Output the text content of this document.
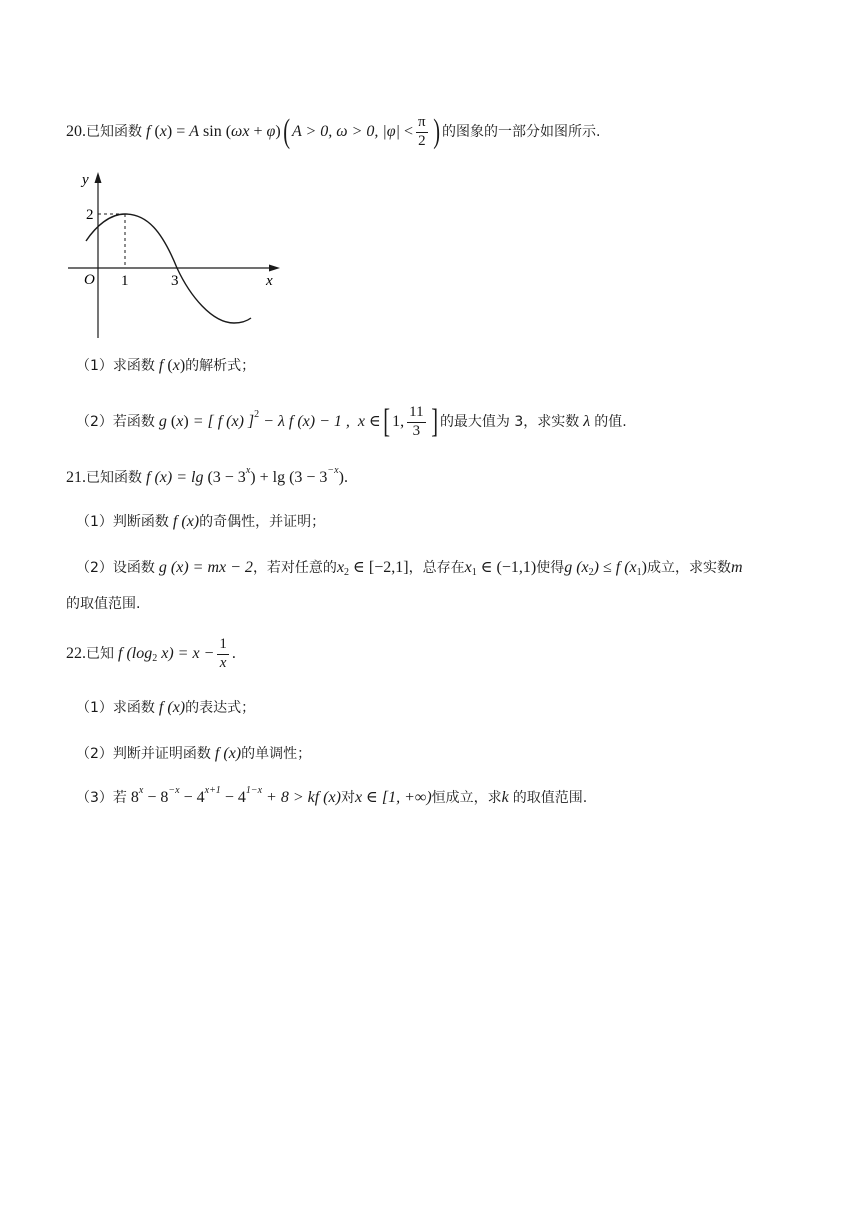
20. 已知函数 f ( x ) =
A
sin ( ωx
+
φ ) ( A > 0, ω > 0,
|φ|
< $\frac{\pi}{2}$ ) 的图象的一部分如图所示.
y
x
O
2
1	3
（1） 求函数 f ( x ) 的解析式；
（2） 若函数 g ( x ) = [ f (x) ] 2
− λ f (x) − 1 ,
x ∈ [ 1, $\frac{11}{3}$ ] 的最大值为 3，求实数 λ 的值.
21. 已知函数 f (x) = lg ( 3 − 3 x ) + lg ( 3 − 3 −x ) .
（1） 判断函数 f (x) 的奇偶性，并证明；
（2） 设函数 g (x) = mx − 2 ，若对任意的 x 2
∈ [−2,1] ，总存在 x 1
∈ (−1,1) 使得 g (x 2 ) ≤ f (x 1 ) 成立，求实数 m
的取值范围.
22. 已知 f (log 2
$x) = x - \frac{1}{x}$ .
（1） 求函数 f (x) 的表达式；
（2） 判断并证明函数 f (x) 的单调性；
（3） 若 8 x
− 8 −x
− 4 x+1
− 4 1−x
+ 8 > kf (x) 对 x ∈ [1, +∞) 恒成立，求 k 的取值范围.
